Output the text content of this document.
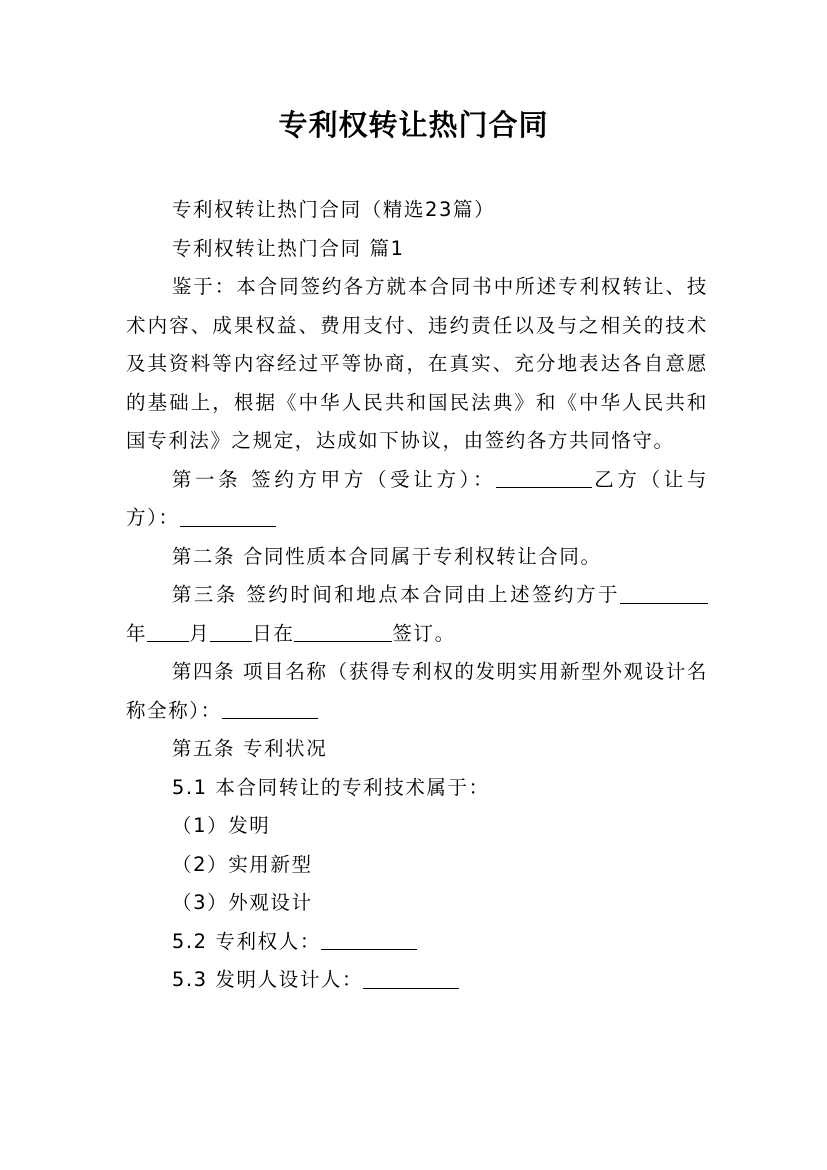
专利权转让热门合同

专利权转让热门合同（精选23篇）

专利权转让热门合同 篇1

鉴于：本合同签约各方就本合同书中所述专利权转让、技术内容、成果权益、费用支付、违约责任以及与之相关的技术及其资料等内容经过平等协商，在真实、充分地表达各自意愿的基础上，根据《中华人民共和国民法典》和《中华人民共和国专利法》之规定，达成如下协议，由签约各方共同恪守。

第一条 签约方甲方（受让方）：	乙方（让与方）：

第二条 合同性质本合同属于专利权转让合同。

第三条 签约时间和地点本合同由上述签约方于年 月 日在	签订。

第四条 项目名称（获得专利权的发明实用新型外观设计名称全称）：

第五条 专利状况

5.1 本合同转让的专利技术属于：

（1）发明

（2）实用新型

（3）外观设计

5.2 专利权人：

5.3 发明人设计人：
